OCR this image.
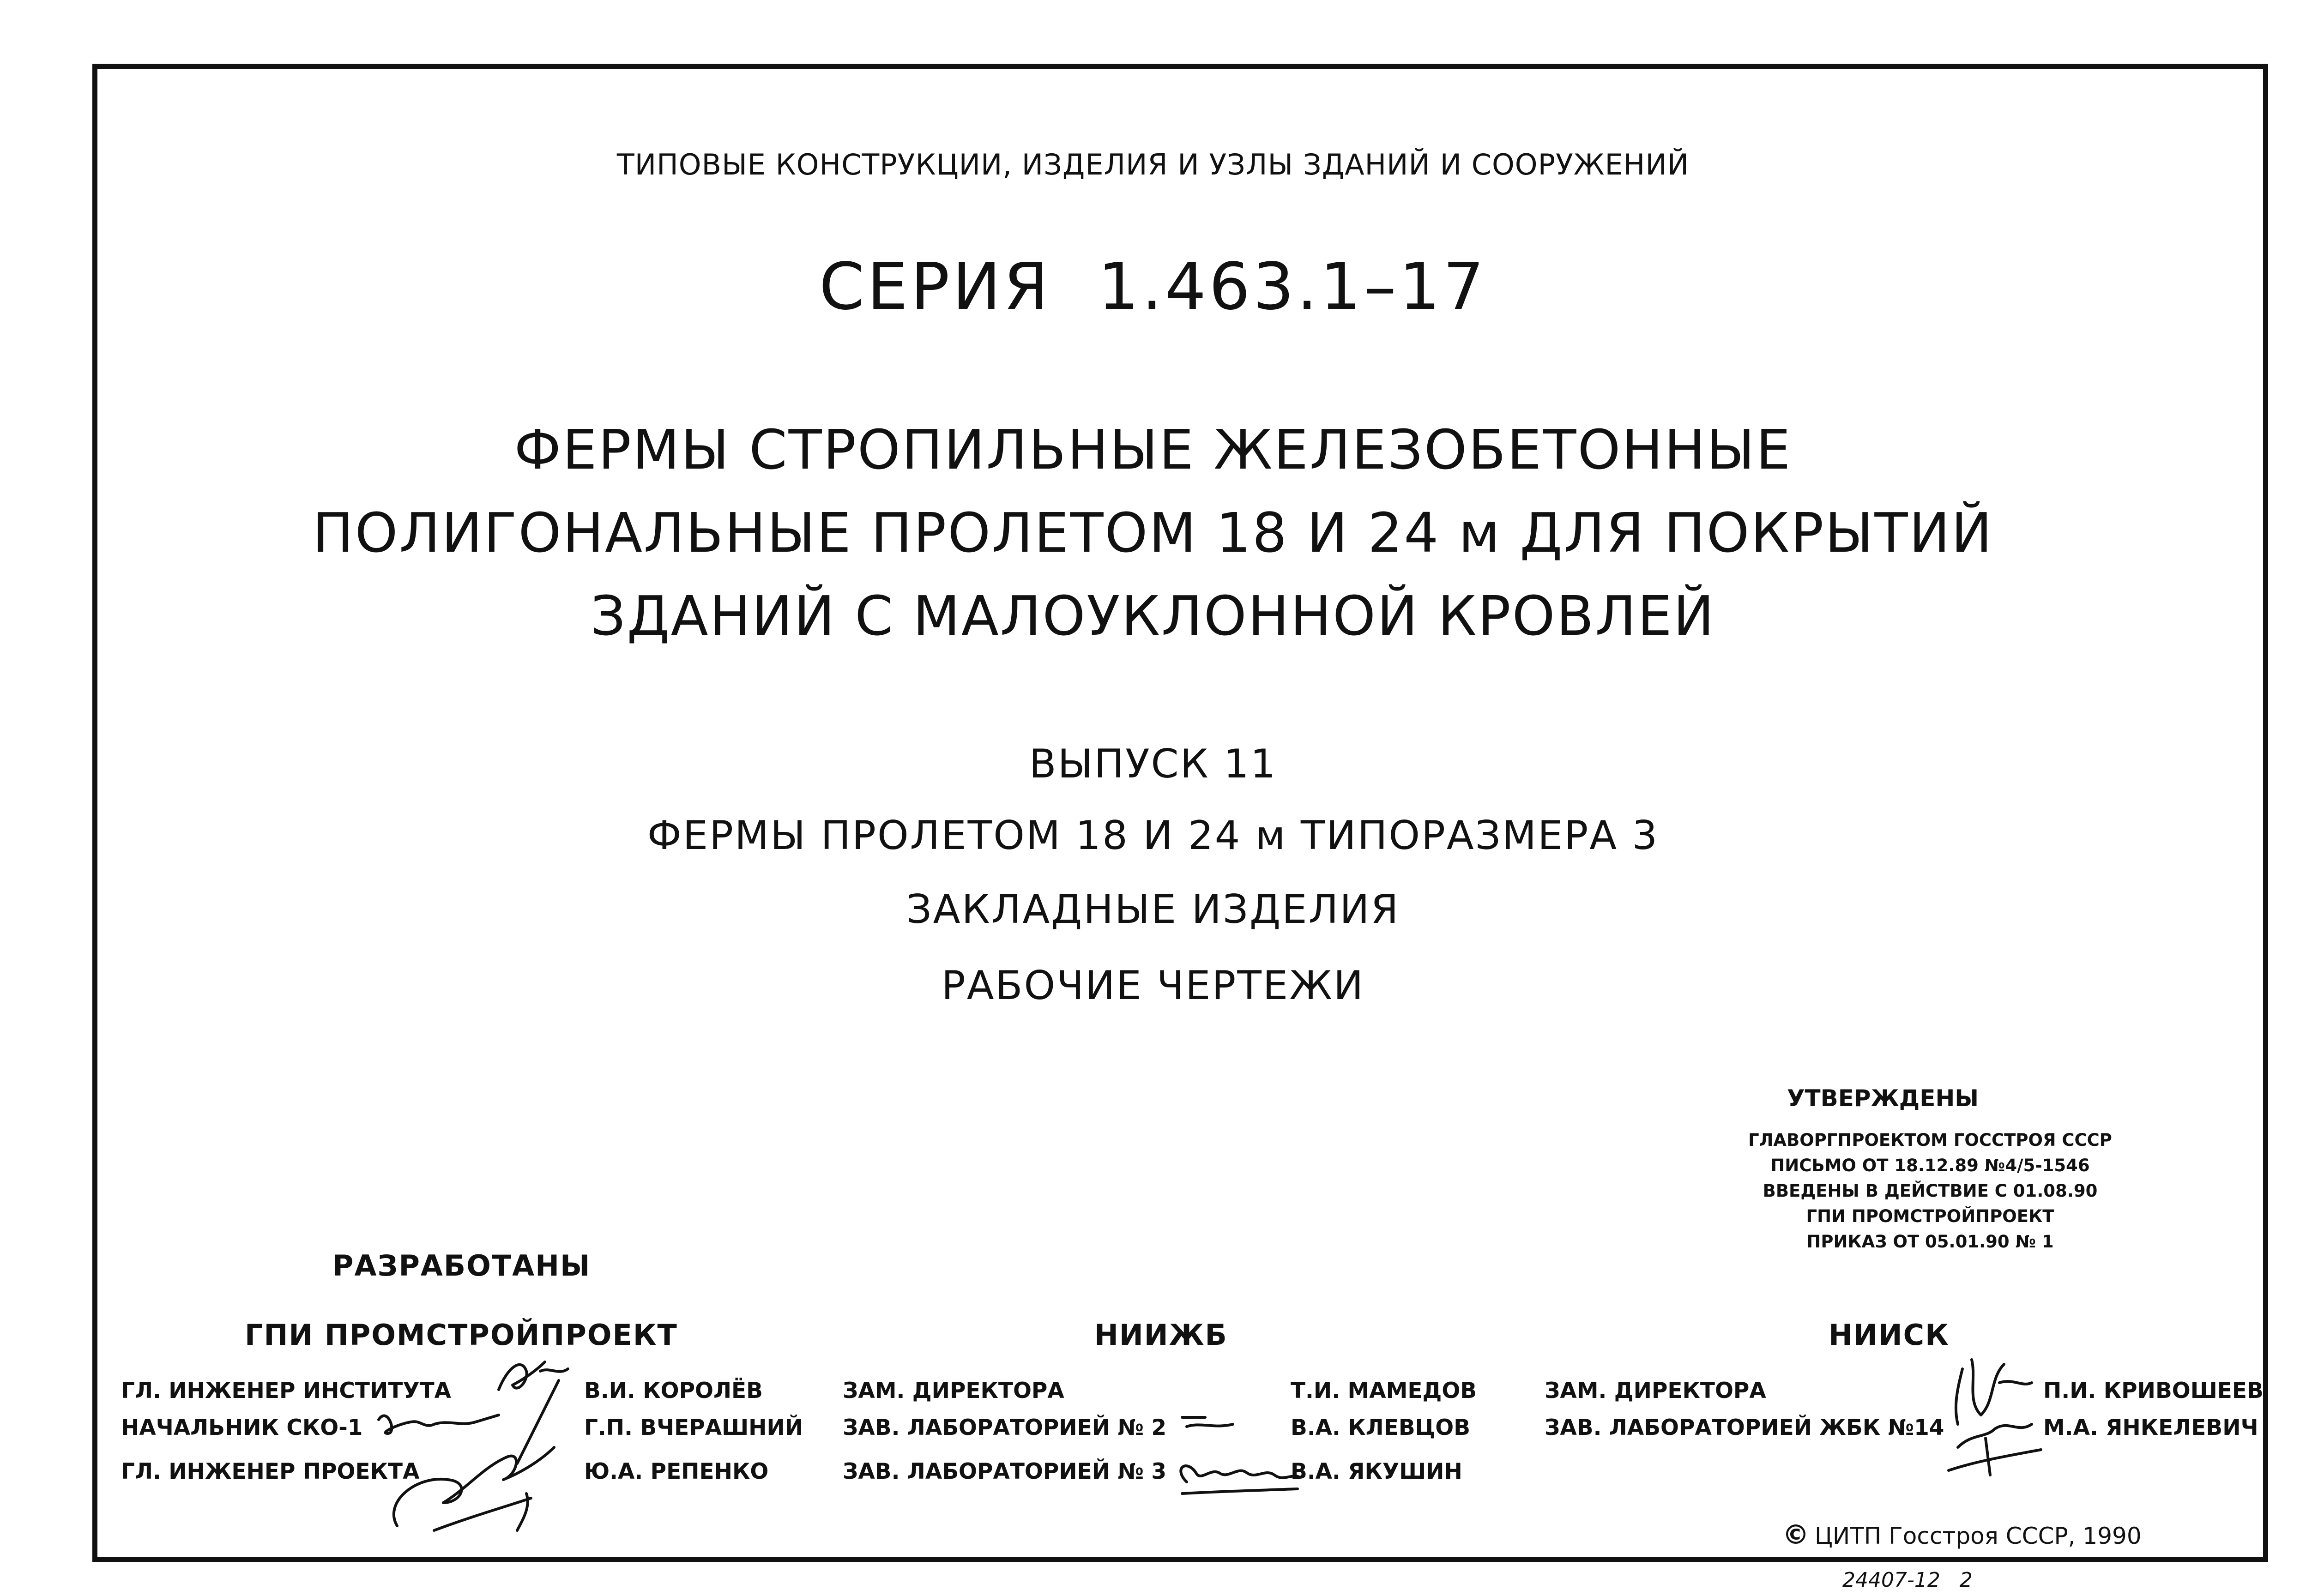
ТИПОВЫЕ КОНСТРУКЦИИ, ИЗДЕЛИЯ И УЗЛЫ ЗДАНИЙ И СООРУЖЕНИЙ
СЕРИЯ  1.463.1–17
ФЕРМЫ СТРОПИЛЬНЫЕ ЖЕЛЕЗОБЕТОННЫЕ
ПОЛИГОНАЛЬНЫЕ ПРОЛЕТОМ 18 И 24 м ДЛЯ ПОКРЫТИЙ
ЗДАНИЙ С МАЛОУКЛОННОЙ КРОВЛЕЙ
ВЫПУСК 11
ФЕРМЫ ПРОЛЕТОМ 18 И 24 м ТИПОРАЗМЕРА 3
ЗАКЛАДНЫЕ ИЗДЕЛИЯ
РАБОЧИЕ ЧЕРТЕЖИ
УТВЕРЖДЕНЫ
ГЛАВОРГПРОЕКТОМ ГОССТРОЯ СССР
ПИСЬМО ОТ 18.12.89 №4/5-1546
ВВЕДЕНЫ В ДЕЙСТВИЕ С 01.08.90
ГПИ ПРОМСТРОЙПРОЕКТ
ПРИКАЗ ОТ 05.01.90 № 1
РАЗРАБОТАНЫ
ГПИ ПРОМСТРОЙПРОЕКТ	НИИЖБ	НИИСК
ГЛ. ИНЖЕНЕР ИНСТИТУТА	В.И. КОРОЛЁВ
НАЧАЛЬНИК СКО-1	Г.П. ВЧЕРАШНИЙ
ГЛ. ИНЖЕНЕР ПРОЕКТА	Ю.А. РЕПЕНКО
ЗАМ. ДИРЕКТОРА	Т.И. МАМЕДОВ
ЗАВ. ЛАБОРАТОРИЕЙ № 2	В.А. КЛЕВЦОВ
ЗАВ. ЛАБОРАТОРИЕЙ № 3	В.А. ЯКУШИН
ЗАМ. ДИРЕКТОРА	П.И. КРИВОШЕЕВ
ЗАВ. ЛАБОРАТОРИЕЙ ЖБК №14	М.А. ЯНКЕЛЕВИЧ
© ЦИТП Госстроя СССР, 1990
24407-12   2
